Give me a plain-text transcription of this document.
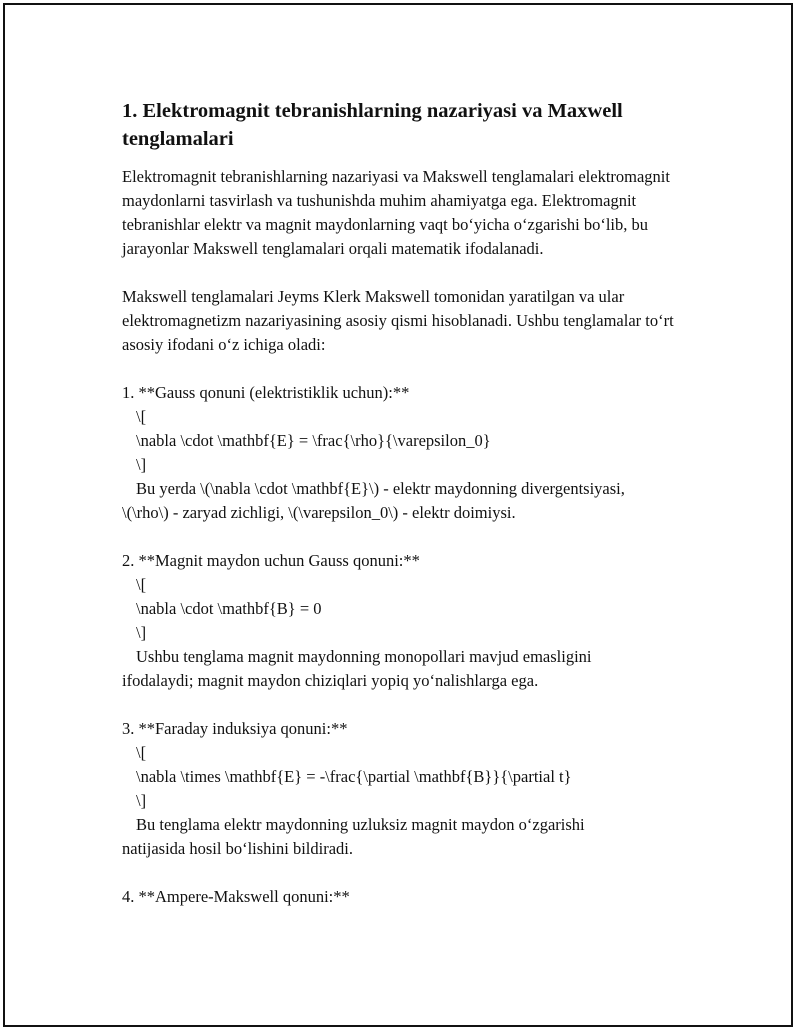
1. Elektromagnit tebranishlarning nazariyasi va Maxwell tenglamalari

Elektromagnit tebranishlarning nazariyasi va Makswell tenglamalari elektromagnit maydonlarni tasvirlash va tushunishda muhim ahamiyatga ega. Elektromagnit tebranishlar elektr va magnit maydonlarning vaqt bo‘yicha o‘zgarishi bo‘lib, bu jarayonlar Makswell tenglamalari orqali matematik ifodalanadi.

Makswell tenglamalari Jeyms Klerk Makswell tomonidan yaratilgan va ular elektromagnetizm nazariyasining asosiy qismi hisoblanadi. Ushbu tenglamalar to‘rt asosiy ifodani o‘z ichiga oladi:

1. **Gauss qonuni (elektristiklik uchun):**

\[

\nabla \cdot \mathbf{E} = \frac{\rho}{\varepsilon_0}

\]

Bu yerda \(\nabla \cdot \mathbf{E}\) - elektr maydonning divergentsiyasi,

\(\rho\) - zaryad zichligi, \(\varepsilon_0\) - elektr doimiysi.

2. **Magnit maydon uchun Gauss qonuni:**

\[

\nabla \cdot \mathbf{B} = 0

\]

Ushbu tenglama magnit maydonning monopollari mavjud emasligini

ifodalaydi; magnit maydon chiziqlari yopiq yo‘nalishlarga ega.

3. **Faraday induksiya qonuni:**

\[

\nabla \times \mathbf{E} = -\frac{\partial \mathbf{B}}{\partial t}

\]

Bu tenglama elektr maydonning uzluksiz magnit maydon o‘zgarishi

natijasida hosil bo‘lishini bildiradi.

4. **Ampere-Makswell qonuni:**
